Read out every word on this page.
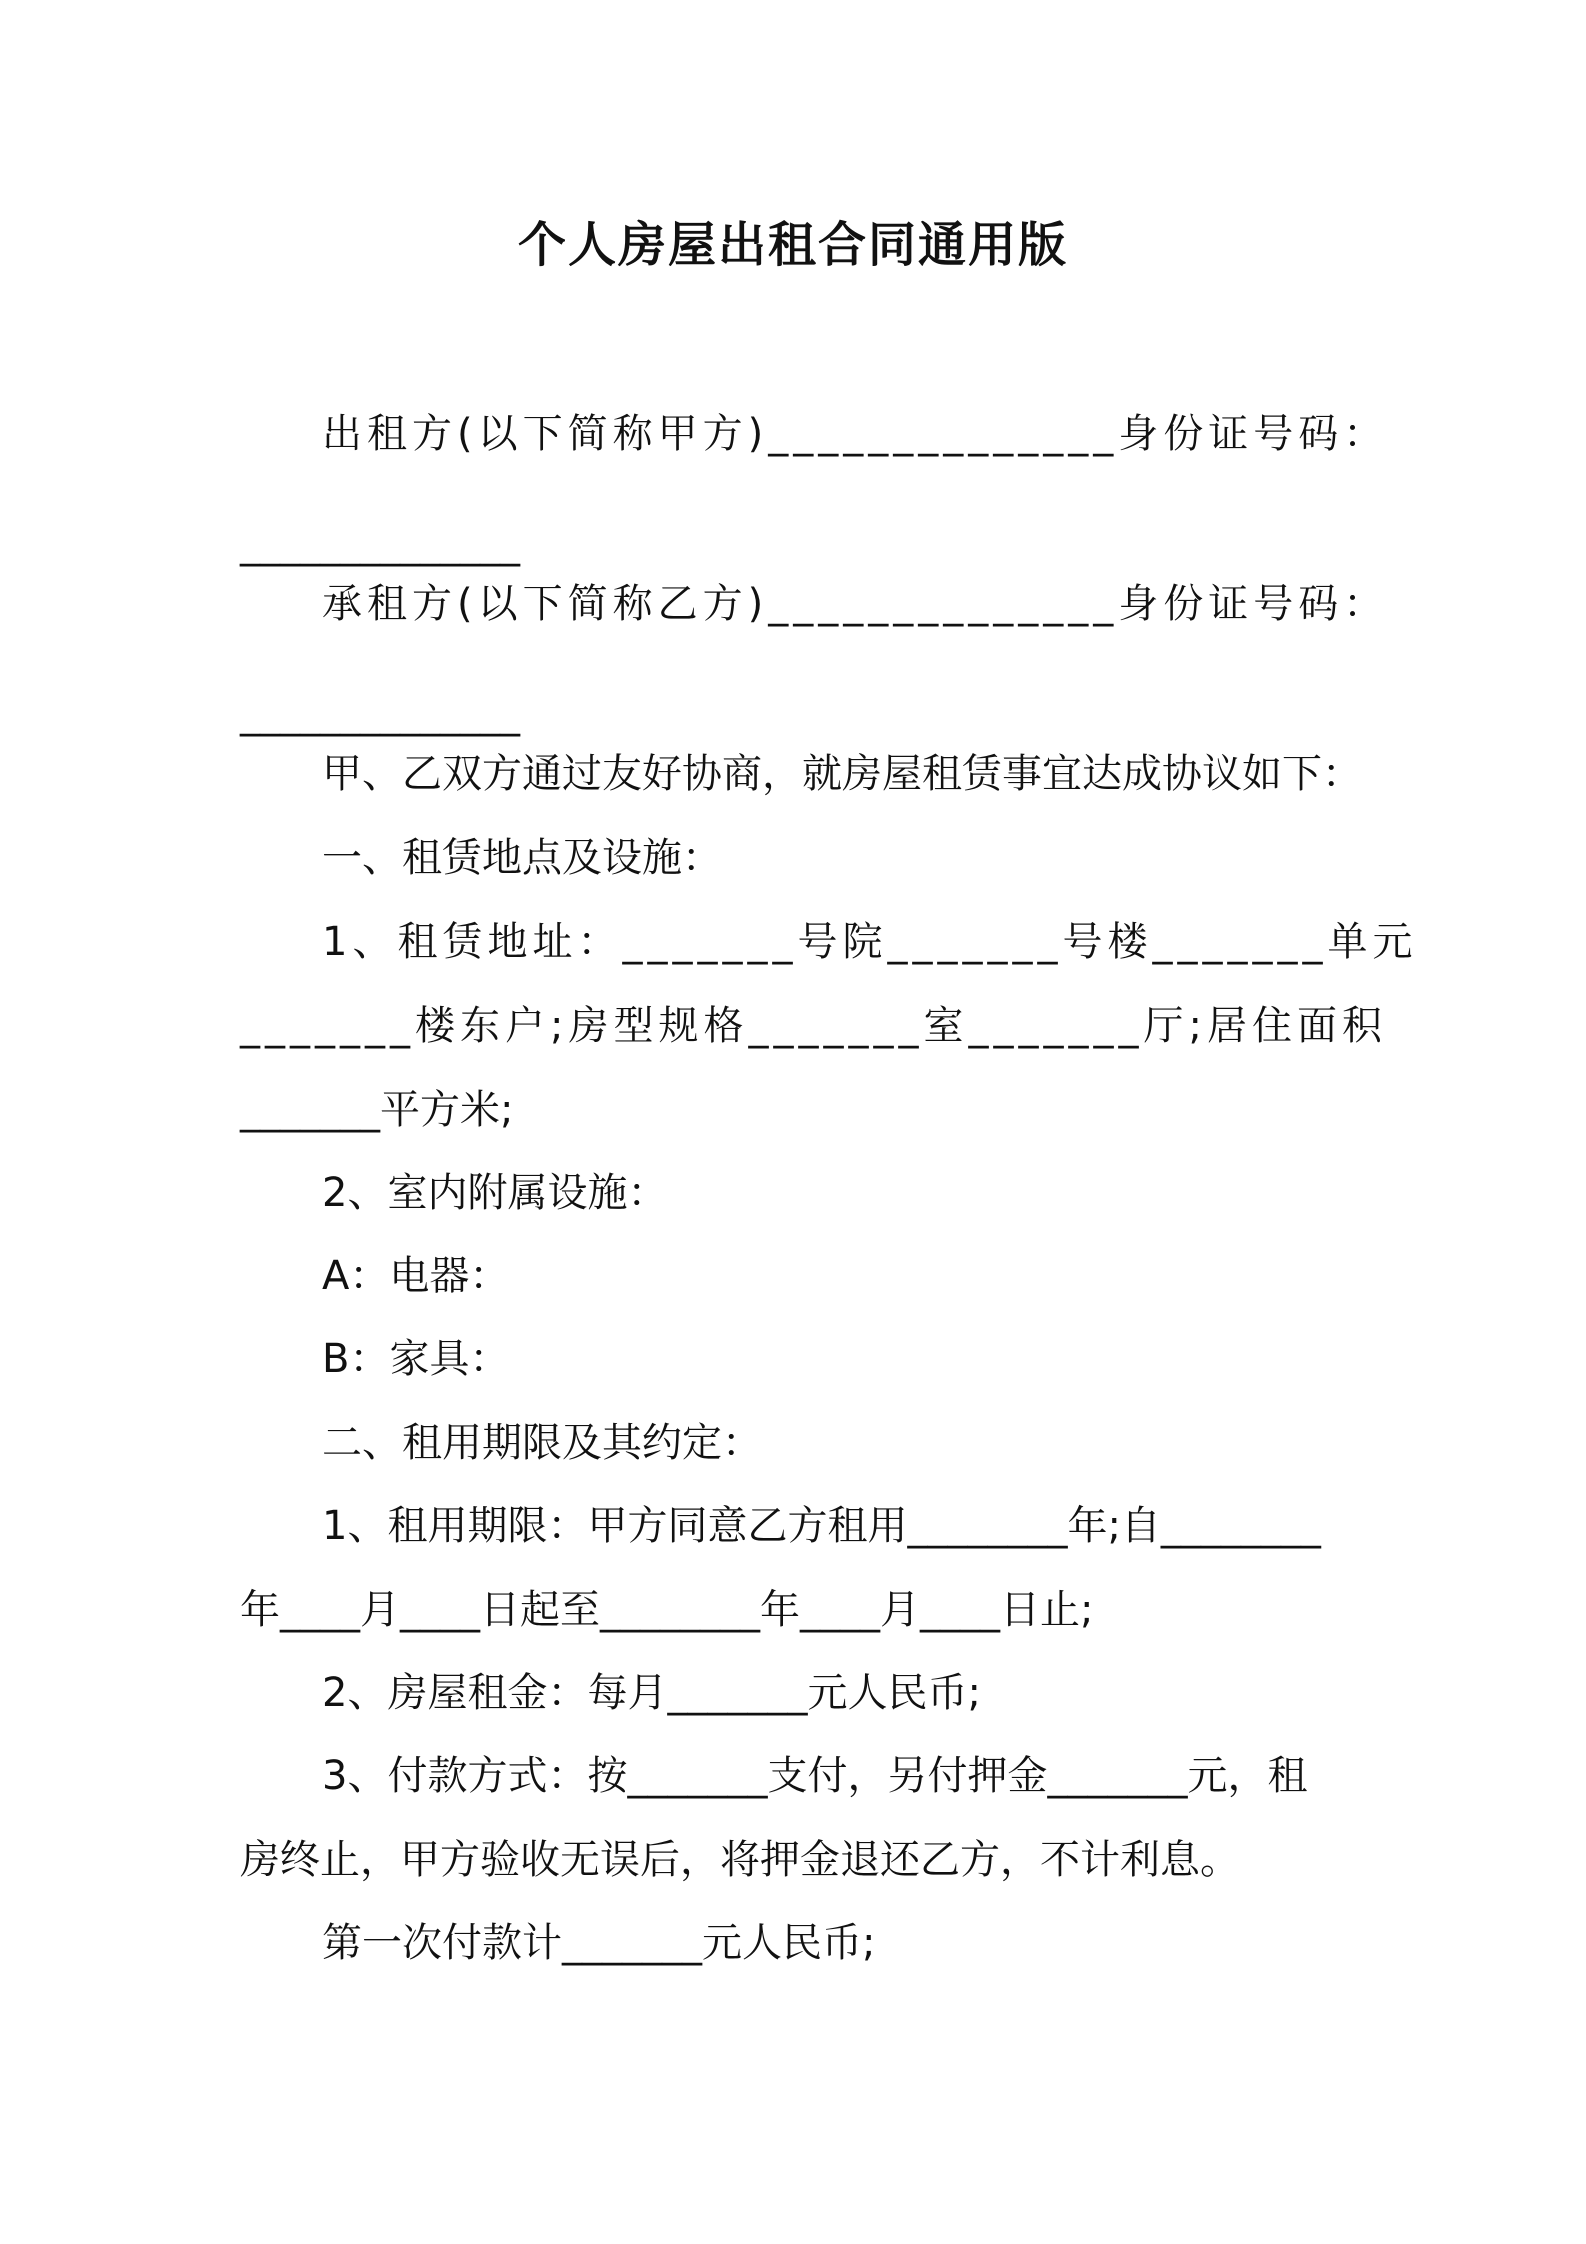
个人房屋出租合同通用版
出租方(以下简称甲方)______________身份证号码：
______________
承租方(以下简称乙方)______________身份证号码：
______________
甲、乙双方通过友好协商，就房屋租赁事宜达成协议如下：
一、租赁地点及设施：
1、租赁地址：_______号院_______号楼_______单元
_______楼东户;房型规格_______室_______厅;居住面积
_______平方米;
2、室内附属设施：
A：电器：
B：家具：
二、租用期限及其约定：
1、租用期限：甲方同意乙方租用________年;自________
年____月____日起至________年____月____日止;
2、房屋租金：每月_______元人民币;
3、付款方式：按_______支付，另付押金_______元，租
房终止，甲方验收无误后，将押金退还乙方，不计利息。
第一次付款计_______元人民币;
